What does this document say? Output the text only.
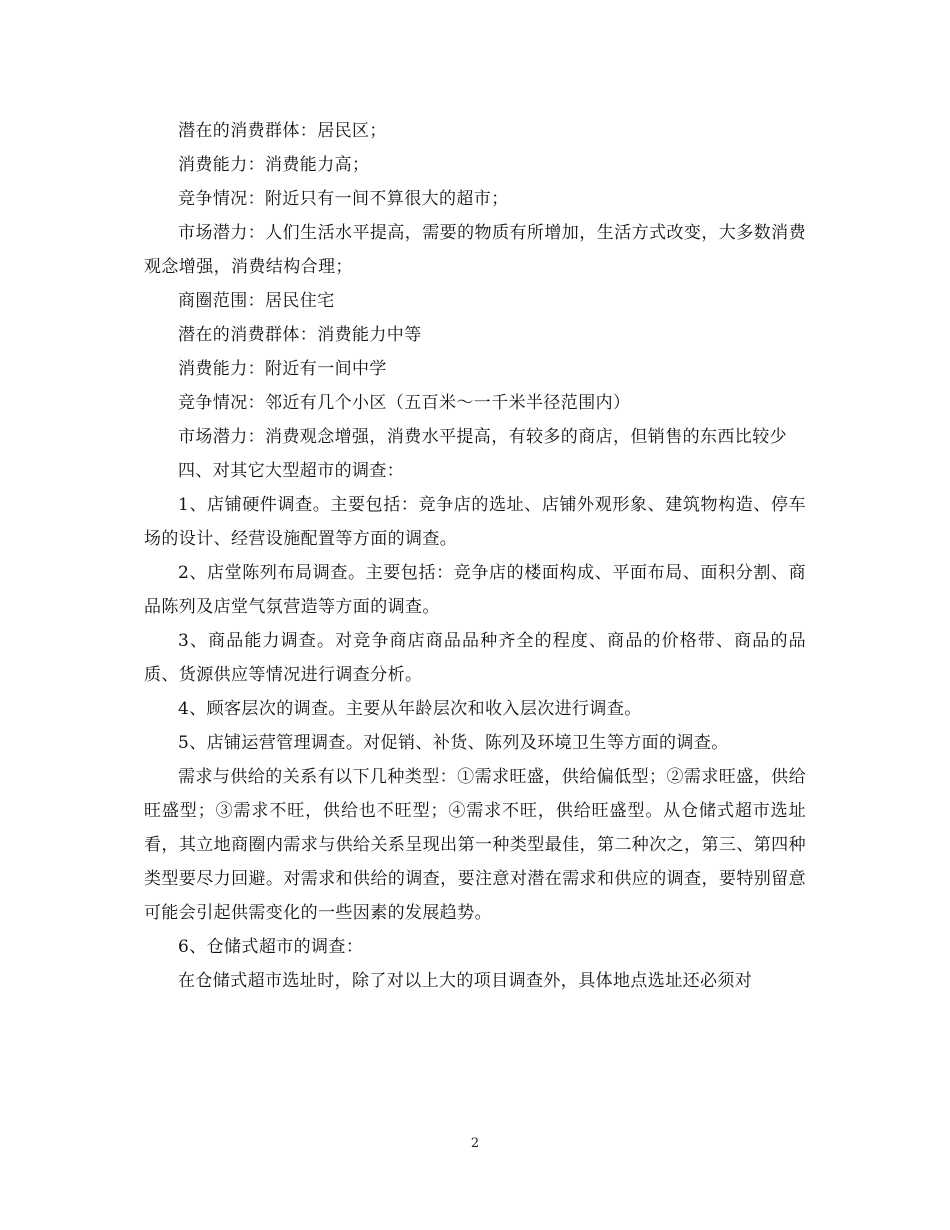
潜在的消费群体：居民区；

消费能力：消费能力高；

竞争情况：附近只有一间不算很大的超市；

市场潜力：人们生活水平提高，需要的物质有所增加，生活方式改变，大多数消费观念增强，消费结构合理；

商圈范围：居民住宅

潜在的消费群体：消费能力中等

消费能力：附近有一间中学

竞争情况：邻近有几个小区（五百米～一千米半径范围内）

市场潜力：消费观念增强，消费水平提高，有较多的商店，但销售的东西比较少

四、对其它大型超市的调查：

1、店铺硬件调查。主要包括：竞争店的选址、店铺外观形象、建筑物构造、停车场的设计、经营设施配置等方面的调查。

2、店堂陈列布局调查。主要包括：竞争店的楼面构成、平面布局、面积分割、商品陈列及店堂气氛营造等方面的调查。

3、商品能力调查。对竞争商店商品品种齐全的程度、商品的价格带、商品的品质、货源供应等情况进行调查分析。

4、顾客层次的调查。主要从年龄层次和收入层次进行调查。

5、店铺运营管理调查。对促销、补货、陈列及环境卫生等方面的调查。

需求与供给的关系有以下几种类型：①需求旺盛，供给偏低型；②需求旺盛，供给旺盛型；③需求不旺，供给也不旺型；④需求不旺，供给旺盛型。从仓储式超市选址看，其立地商圈内需求与供给关系呈现出第一种类型最佳，第二种次之，第三、第四种类型要尽力回避。对需求和供给的调查，要注意对潜在需求和供应的调查，要特别留意可能会引起供需变化的一些因素的发展趋势。

6、仓储式超市的调查：

在仓储式超市选址时，除了对以上大的项目调查外，具体地点选址还必须对

2
